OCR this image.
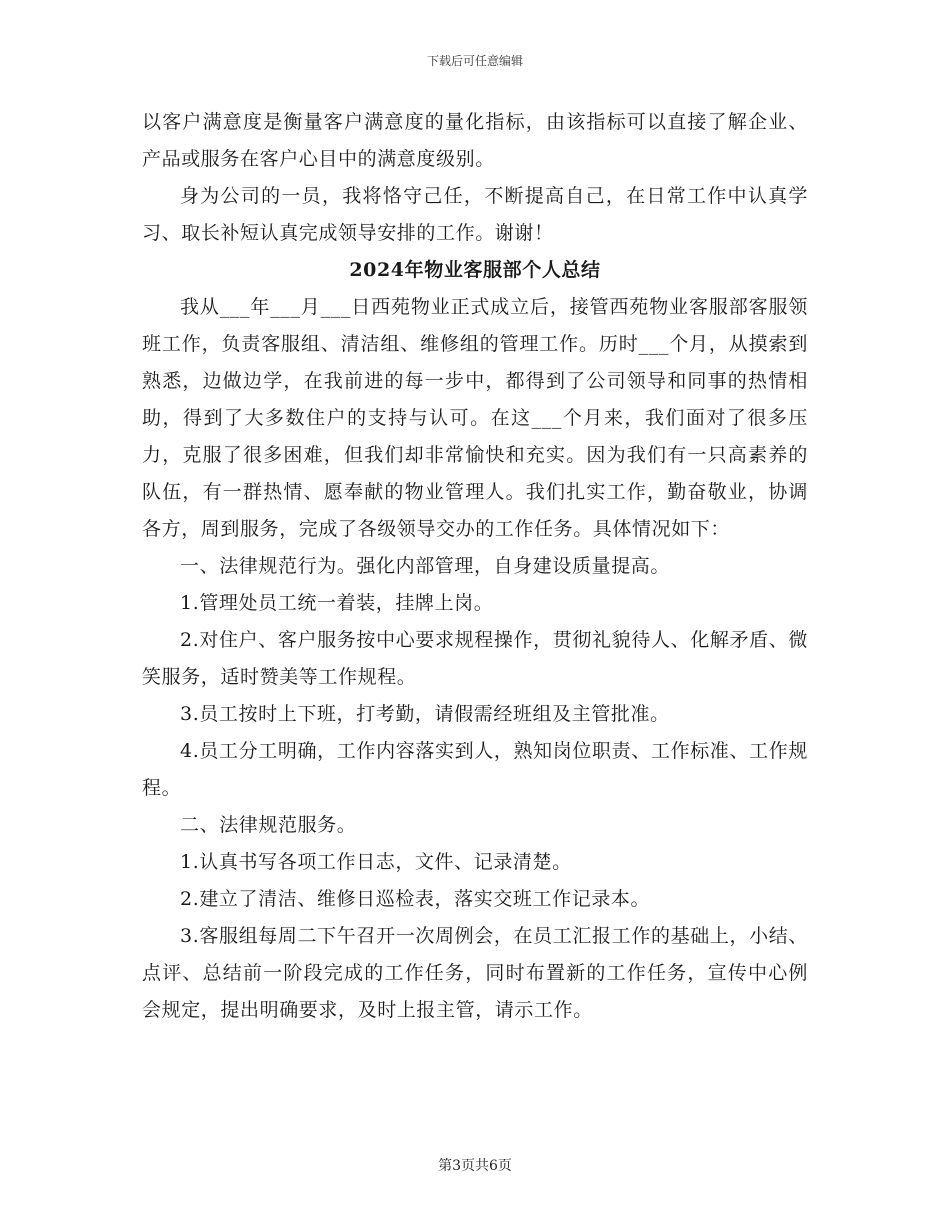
下载后可任意编辑

以客户满意度是衡量客户满意度的量化指标，由该指标可以直接了解企业、产品或服务在客户心目中的满意度级别。

身为公司的一员，我将恪守己任，不断提高自己，在日常工作中认真学习、取长补短认真完成领导安排的工作。谢谢！

2024年物业客服部个人总结

我从___年___月___日西苑物业正式成立后，接管西苑物业客服部客服领班工作，负责客服组、清洁组、维修组的管理工作。历时___个月，从摸索到熟悉，边做边学，在我前进的每一步中，都得到了公司领导和同事的热情相助，得到了大多数住户的支持与认可。在这___个月来，我们面对了很多压力，克服了很多困难，但我们却非常愉快和充实。因为我们有一只高素养的队伍，有一群热情、愿奉献的物业管理人。我们扎实工作，勤奋敬业，协调各方，周到服务，完成了各级领导交办的工作任务。具体情况如下：

一、法律规范行为。强化内部管理，自身建设质量提高。

1.管理处员工统一着装，挂牌上岗。

2.对住户、客户服务按中心要求规程操作，贯彻礼貌待人、化解矛盾、微笑服务，适时赞美等工作规程。

3.员工按时上下班，打考勤，请假需经班组及主管批准。

4.员工分工明确，工作内容落实到人，熟知岗位职责、工作标准、工作规程。

二、法律规范服务。

1.认真书写各项工作日志，文件、记录清楚。

2.建立了清洁、维修日巡检表，落实交班工作记录本。

3.客服组每周二下午召开一次周例会，在员工汇报工作的基础上，小结、点评、总结前一阶段完成的工作任务，同时布置新的工作任务，宣传中心例会规定，提出明确要求，及时上报主管，请示工作。

第3页共6页
